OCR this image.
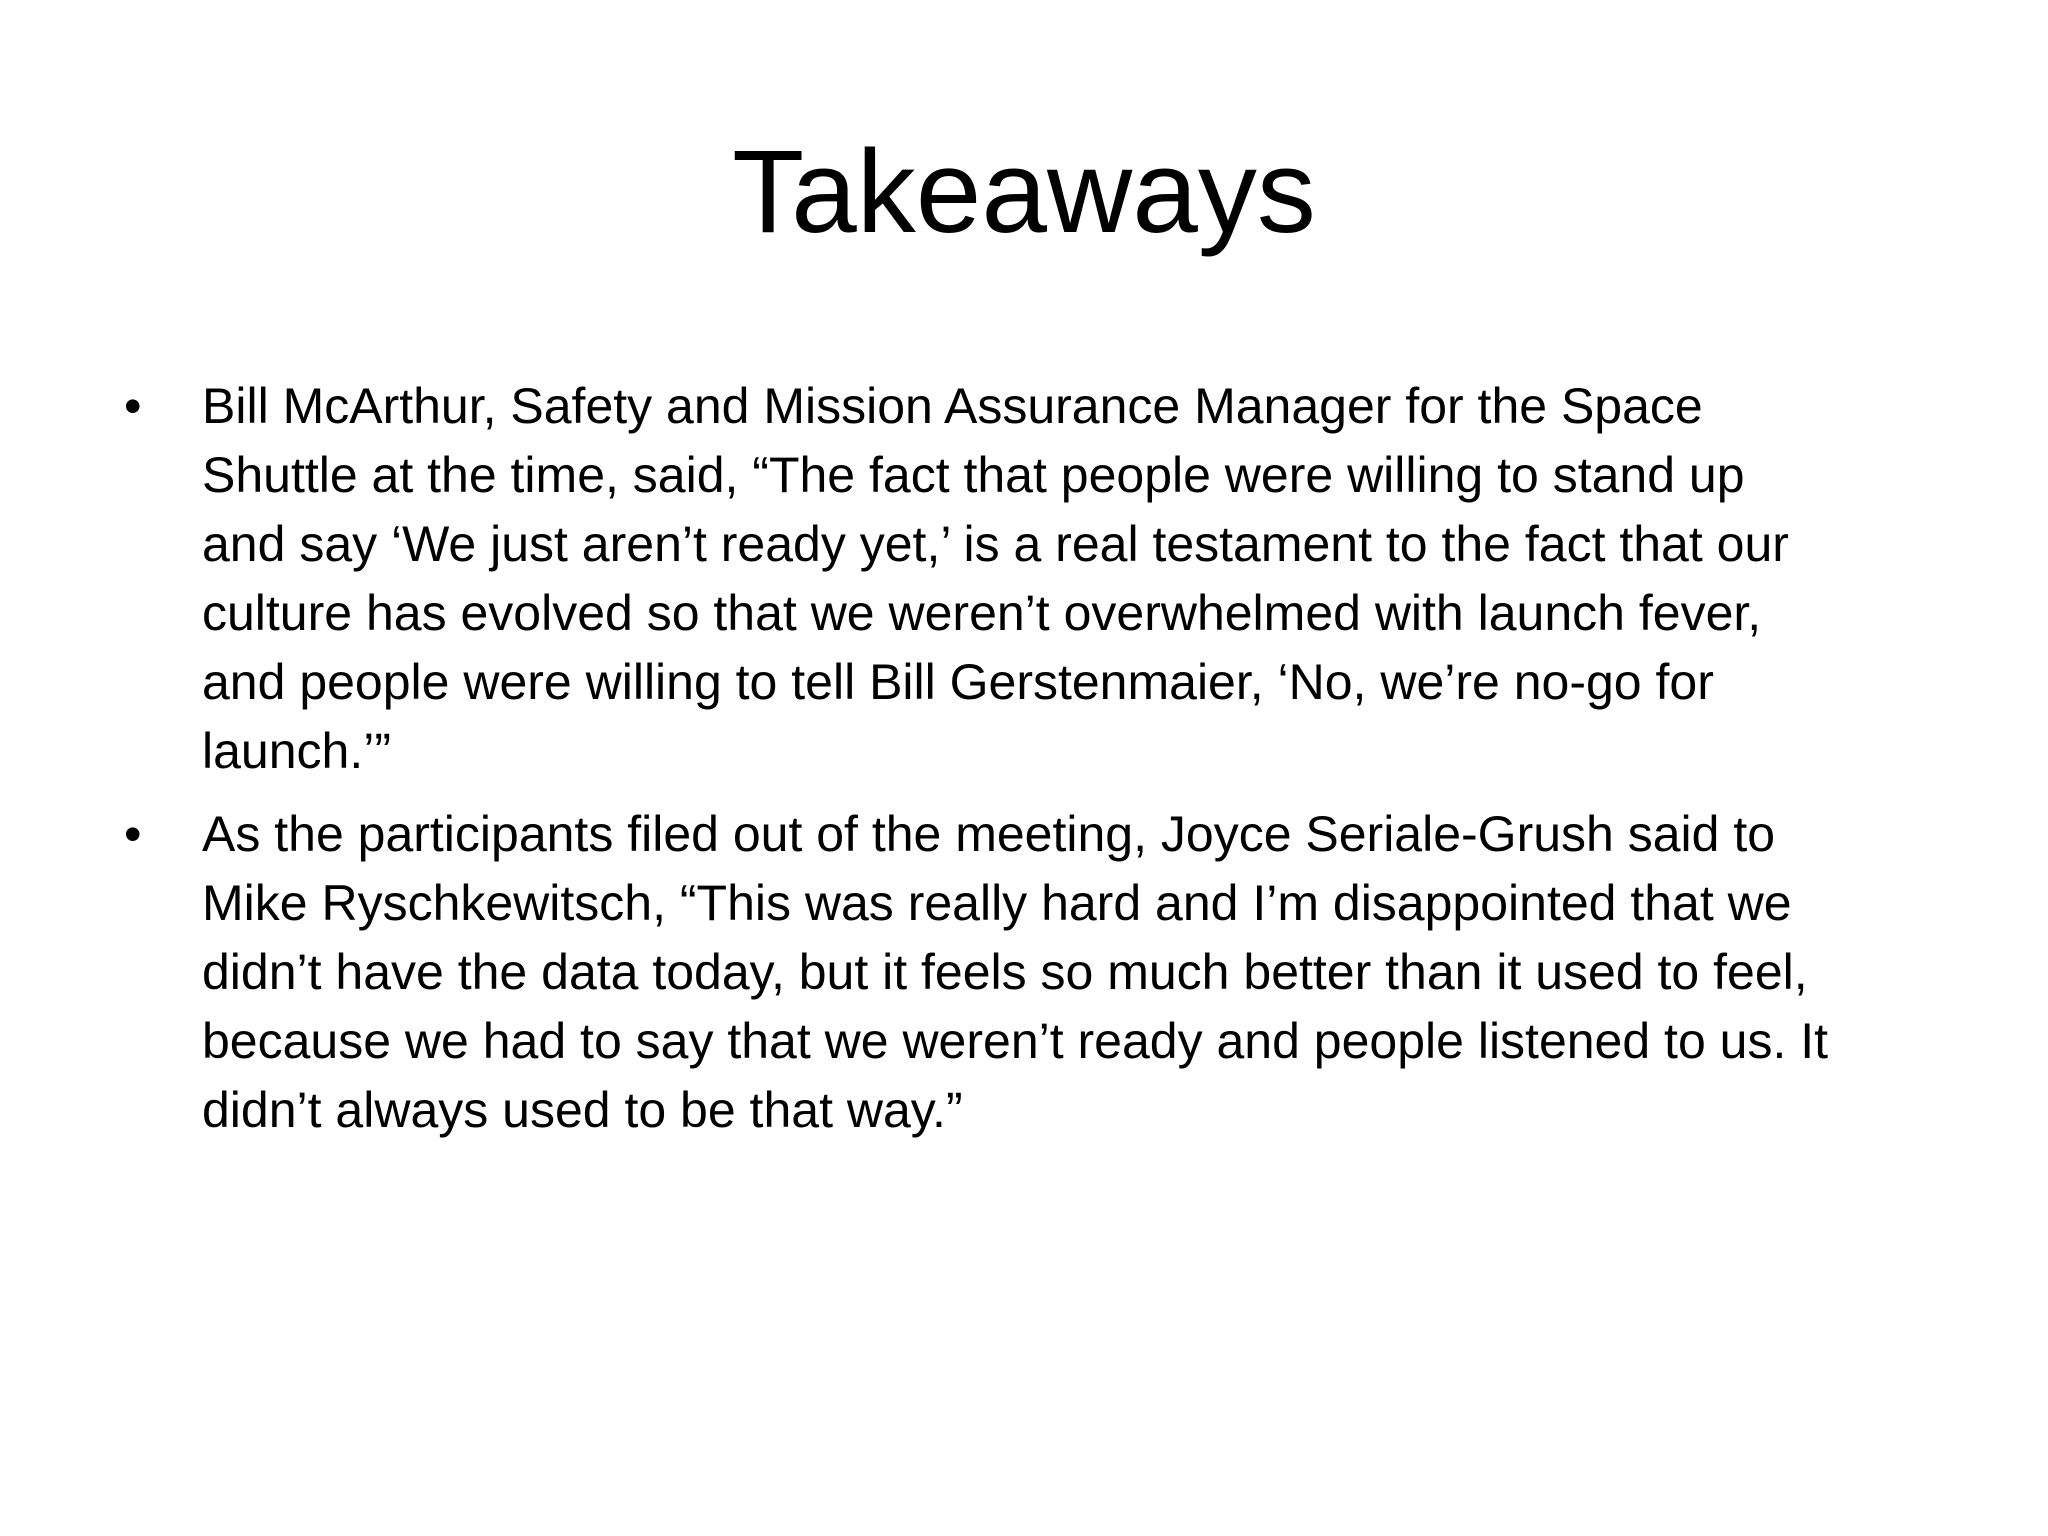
Takeaways
•	Bill McArthur, Safety and Mission Assurance Manager for the Space
Shuttle at the time, said, “The fact that people were willing to stand up
and say ‘We just aren’t ready yet,’ is a real testament to the fact that our
culture has evolved so that we weren’t overwhelmed with launch fever,
and people were willing to tell Bill Gerstenmaier, ‘No, we’re no-go for
launch.’”
•	As the participants filed out of the meeting, Joyce Seriale-Grush said to
Mike Ryschkewitsch, “This was really hard and I’m disappointed that we
didn’t have the data today, but it feels so much better than it used to feel,
because we had to say that we weren’t ready and people listened to us. It
didn’t always used to be that way.”
